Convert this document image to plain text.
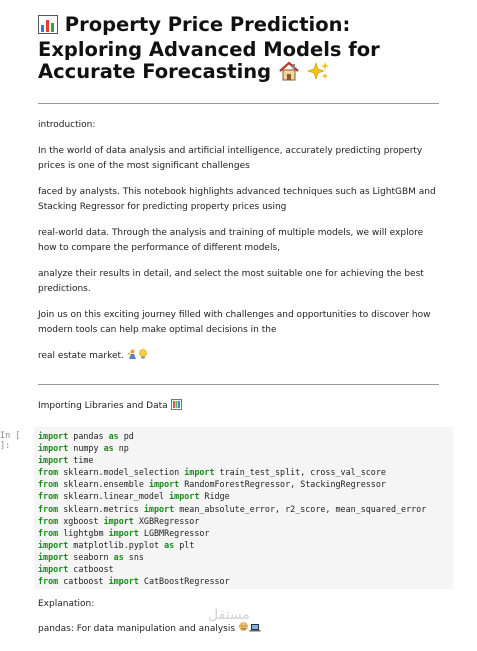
Property Price Prediction: Exploring Advanced Models for Accurate Forecasting

introduction:

In the world of data analysis and artificial intelligence, accurately predicting property prices is one of the most significant challenges

faced by analysts. This notebook highlights advanced techniques such as LightGBM and Stacking Regressor for predicting property prices using

real-world data. Through the analysis and training of multiple models, we will explore how to compare the performance of different models,

analyze their results in detail, and select the most suitable one for achieving the best predictions.

Join us on this exciting journey filled with challenges and opportunities to discover how modern tools can help make optimal decisions in the

real estate market.

Importing Libraries and Data

In [ ]:
import pandas as pd
import numpy as np
import time
from sklearn.model_selection import train_test_split, cross_val_score
from sklearn.ensemble import RandomForestRegressor, StackingRegressor
from sklearn.linear_model import Ridge
from sklearn.metrics import mean_absolute_error, r2_score, mean_squared_error
from xgboost import XGBRegressor
from lightgbm import LGBMRegressor
import matplotlib.pyplot as plt
import seaborn as sns
import catboost
from catboost import CatBoostRegressor

Explanation:

pandas: For data manipulation and analysis

مستقل
